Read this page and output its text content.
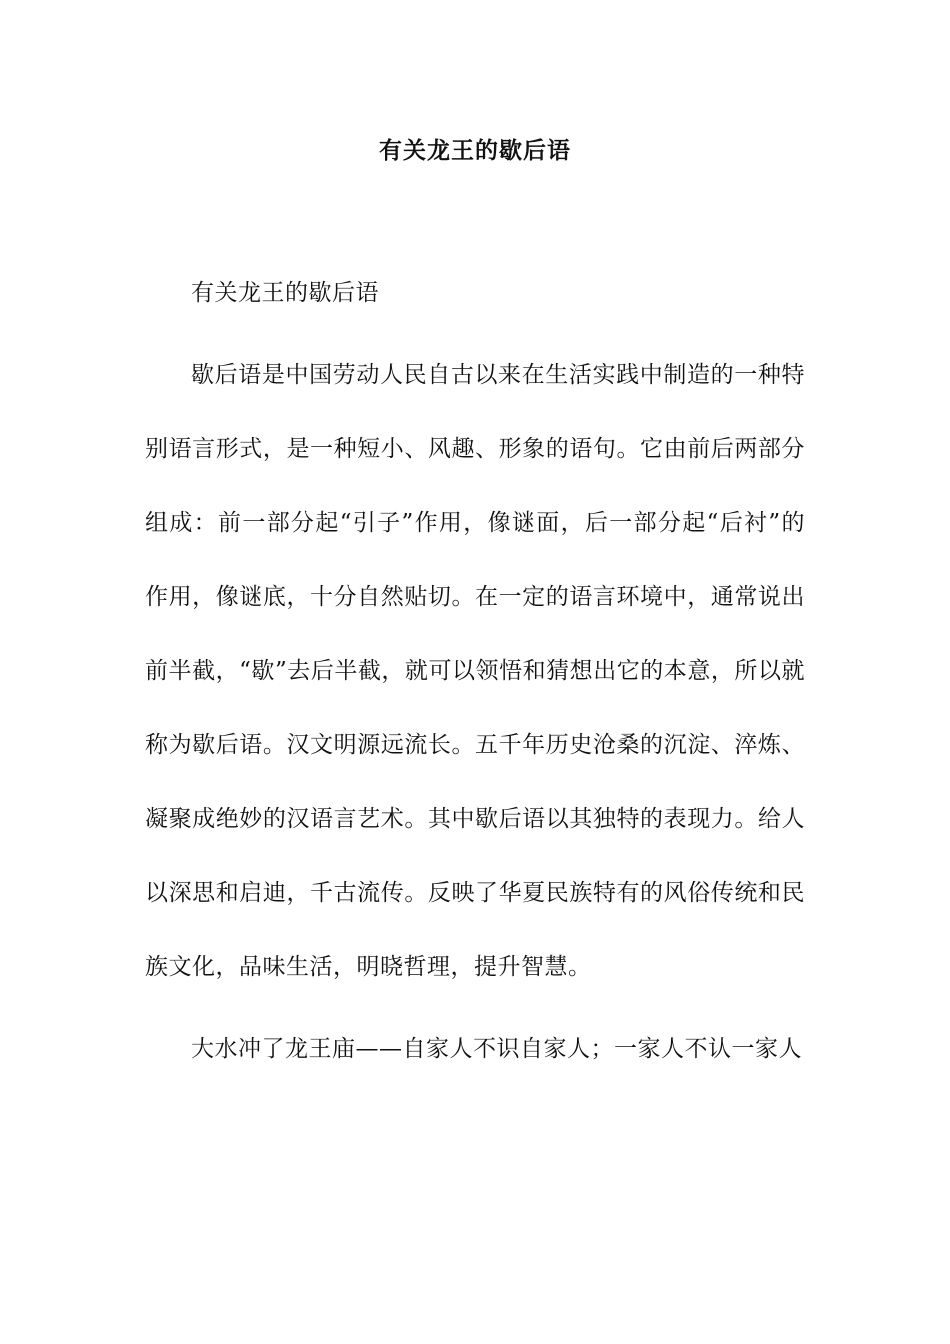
有关龙王的歇后语

有关龙王的歇后语

歇后语是中国劳动人民自古以来在生活实践中制造的一种特别语言形式，是一种短小、风趣、形象的语句。它由前后两部分组成：前一部分起“引子”作用，像谜面，后一部分起“后衬”的作用，像谜底，十分自然贴切。在一定的语言环境中，通常说出前半截，“歇”去后半截，就可以领悟和猜想出它的本意，所以就称为歇后语。汉文明源远流长。五千年历史沧桑的沉淀、淬炼、凝聚成绝妙的汉语言艺术。其中歇后语以其独特的表现力。给人以深思和启迪，千古流传。反映了华夏民族特有的风俗传统和民族文化，品味生活，明晓哲理，提升智慧。

大水冲了龙王庙——自家人不识自家人；一家人不认一家人
